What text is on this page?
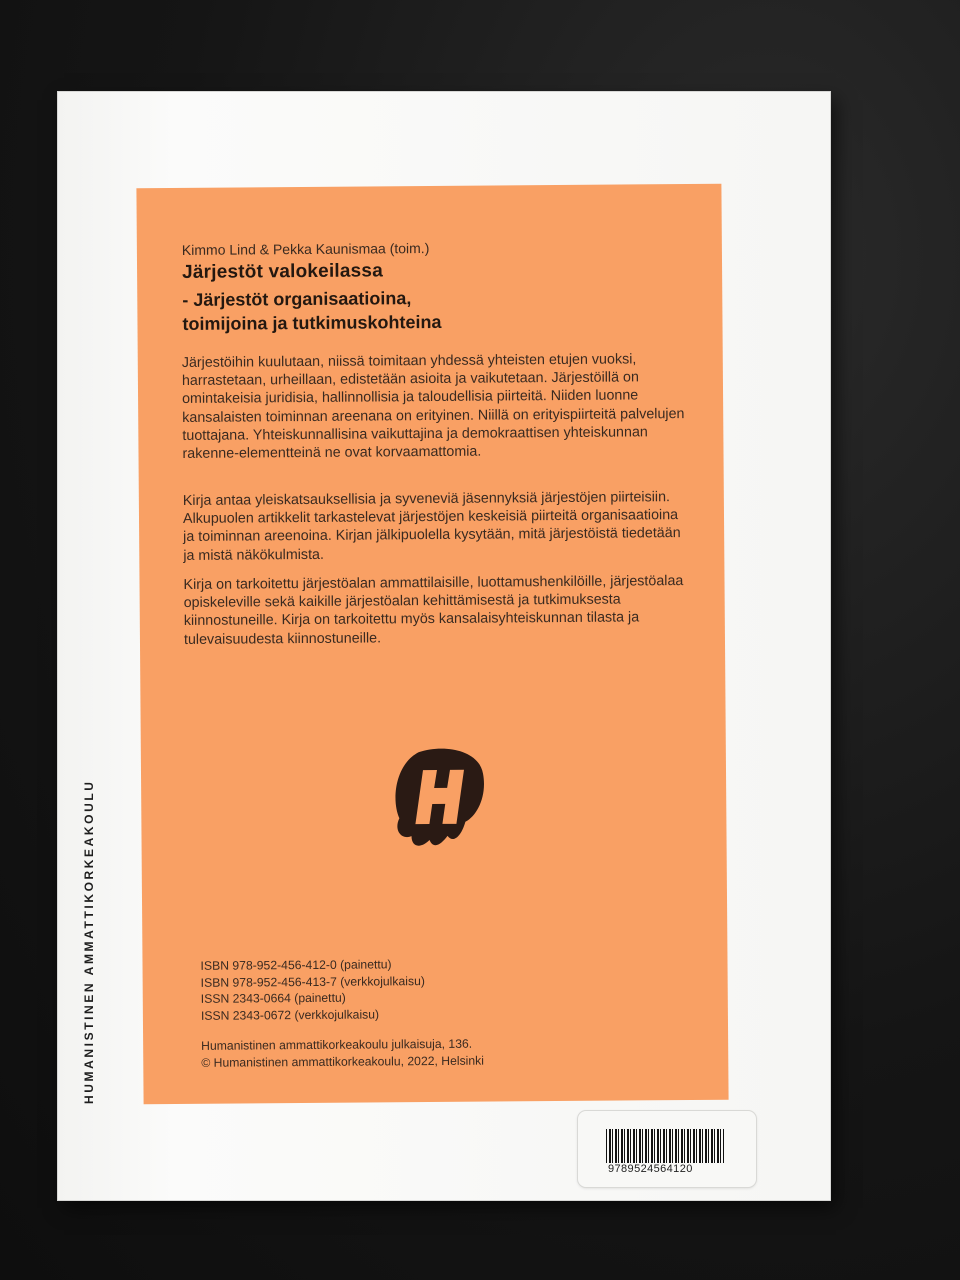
HUMANISTINEN AMMATTIKORKEAKOULU
Kimmo Lind & Pekka Kaunismaa (toim.)
Järjestöt valokeilassa
- Järjestöt organisaatioina,
toimijoina ja tutkimuskohteina

Järjestöihin kuulutaan, niissä toimitaan yhdessä yhteisten etujen vuoksi, harrastetaan, urheillaan, edistetään asioita ja vaikutetaan. Järjestöillä on omintakeisia juridisia, hallinnollisia ja taloudellisia piirteitä. Niiden luonne kansalaisten toiminnan areenana on erityinen. Niillä on erityispiirteitä palvelujen tuottajana. Yhteiskunnallisina vaikuttajina ja demokraattisen yhteiskunnan rakenne-elementteinä ne ovat korvaamattomia.

Kirja antaa yleiskatsauksellisia ja syveneviä jäsennyksiä järjestöjen piirteisiin. Alkupuolen artikkelit tarkastelevat järjestöjen keskeisiä piirteitä organisaatioina ja toiminnan areenoina. Kirjan jälkipuolella kysytään, mitä järjestöistä tiedetään ja mistä näkökulmista.

Kirja on tarkoitettu järjestöalan ammattilaisille, luottamushenkilöille, järjestöalaa opiskeleville sekä kaikille järjestöalan kehittämisestä ja tutkimuksesta kiinnostuneille. Kirja on tarkoitettu myös kansalaisyhteiskunnan tilasta ja tulevaisuudesta kiinnostuneille.

ISBN 978-952-456-412-0 (painettu)
ISBN 978-952-456-413-7 (verkkojulkaisu)
ISSN 2343-0664 (painettu)
ISSN 2343-0672 (verkkojulkaisu)
Humanistinen ammattikorkeakoulu julkaisuja, 136.
© Humanistinen ammattikorkeakoulu, 2022, Helsinki
9789524564120
